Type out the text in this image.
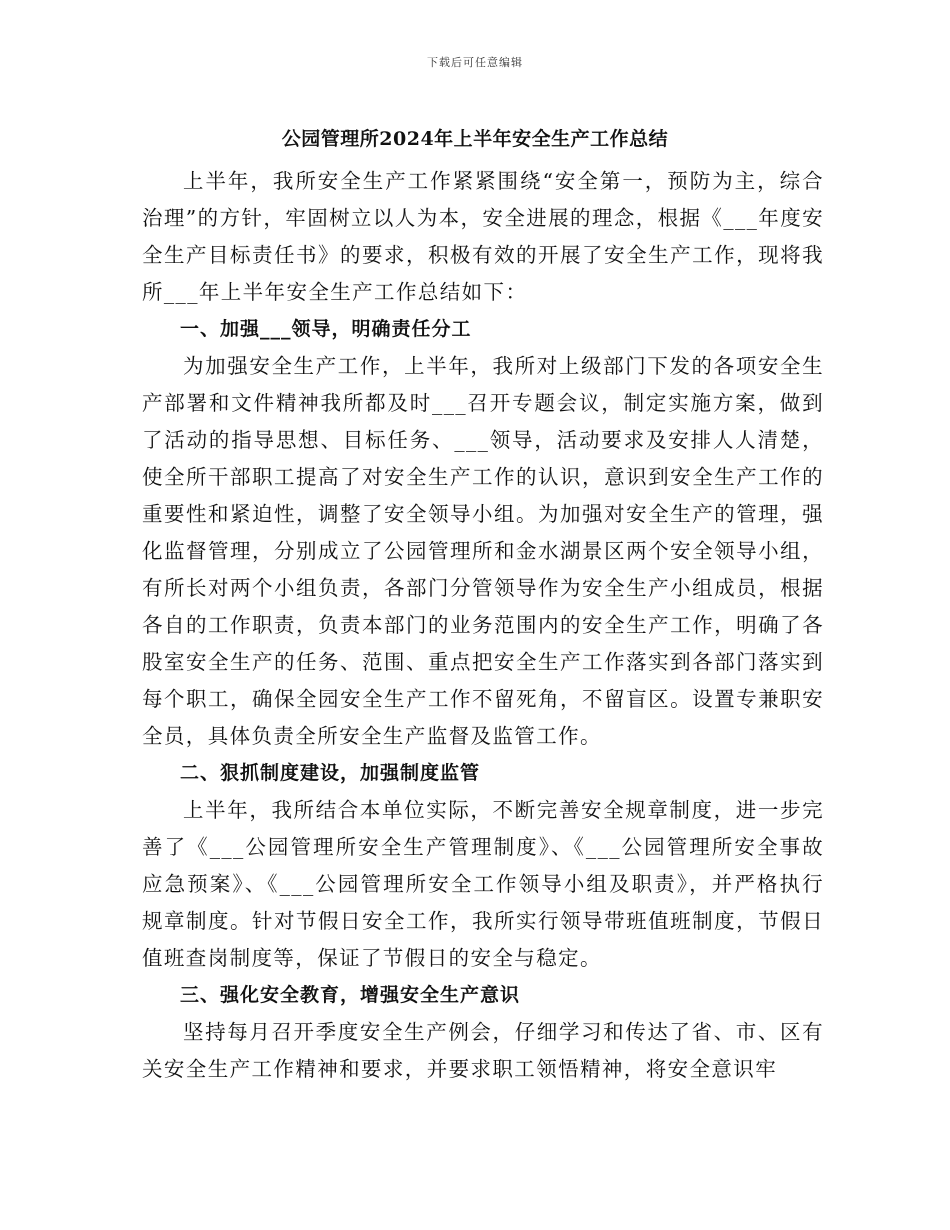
下载后可任意编辑
公园管理所2024年上半年安全生产工作总结

上半年，我所安全生产工作紧紧围绕“安全第一，预防为主，综合治理”的方针，牢固树立以人为本，安全进展的理念，根据《___年度安全生产目标责任书》的要求，积极有效的开展了安全生产工作，现将我所___年上半年安全生产工作总结如下：

一、加强___领导，明确责任分工

为加强安全生产工作，上半年，我所对上级部门下发的各项安全生产部署和文件精神我所都及时___召开专题会议，制定实施方案，做到了活动的指导思想、目标任务、___领导，活动要求及安排人人清楚，使全所干部职工提高了对安全生产工作的认识，意识到安全生产工作的重要性和紧迫性，调整了安全领导小组。为加强对安全生产的管理，强化监督管理，分别成立了公园管理所和金水湖景区两个安全领导小组，有所长对两个小组负责，各部门分管领导作为安全生产小组成员，根据各自的工作职责，负责本部门的业务范围内的安全生产工作，明确了各股室安全生产的任务、范围、重点把安全生产工作落实到各部门落实到每个职工，确保全园安全生产工作不留死角，不留盲区。设置专兼职安全员，具体负责全所安全生产监督及监管工作。

二、狠抓制度建设，加强制度监管

上半年，我所结合本单位实际，不断完善安全规章制度，进一步完善了《___公园管理所安全生产管理制度》、《___公园管理所安全事故应急预案》、《___公园管理所安全工作领导小组及职责》，并严格执行规章制度。针对节假日安全工作，我所实行领导带班值班制度，节假日值班查岗制度等，保证了节假日的安全与稳定。

三、强化安全教育，增强安全生产意识

坚持每月召开季度安全生产例会，仔细学习和传达了省、市、区有关安全生产工作精神和要求，并要求职工领悟精神，将安全意识牢
